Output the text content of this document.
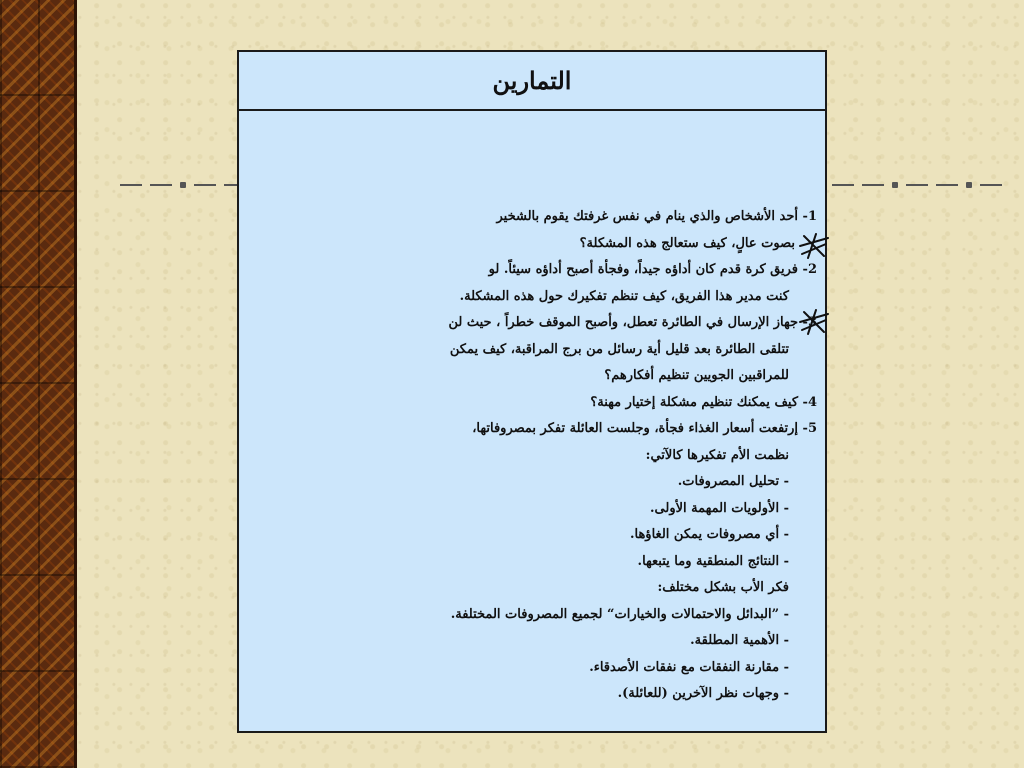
التمارين
1- أحد الأشخاص والذي ينام في نفس غرفتك يقوم بالشخير
بصوت عالٍ، كيف ستعالج هذه المشكلة؟
2- فريق كرة قدم كان أداؤه جيداً، وفجأة أصبح أداؤه سيئاً. لو
كنت مدير هذا الفريق، كيف تنظم تفكيرك حول هذه المشكلة.
3- جهاز الإرسال في الطائرة تعطل، وأصبح الموقف خطراً ، حيث لن
تتلقى الطائرة بعد قليل أية رسائل من برج المراقبة، كيف يمكن
للمراقبين الجويين تنظيم أفكارهم؟
4- كيف يمكنك تنظيم مشكلة إختيار مهنة؟
5- إرتفعت أسعار الغذاء فجأة، وجلست العائلة تفكر بمصروفاتها،
نظمت الأم تفكيرها كالآتي:
- تحليل المصروفات.
- الأولويات المهمة الأولى.
- أي مصروفات يمكن الغاؤها.
- النتائج المنطقية وما يتبعها.
فكر الأب بشكل مختلف:
- ”البدائل والاحتمالات والخيارات“ لجميع المصروفات المختلفة.
- الأهمية المطلقة.
- مقارنة النفقات مع نفقات الأصدقاء.
- وجهات نظر الآخرين (للعائلة).
